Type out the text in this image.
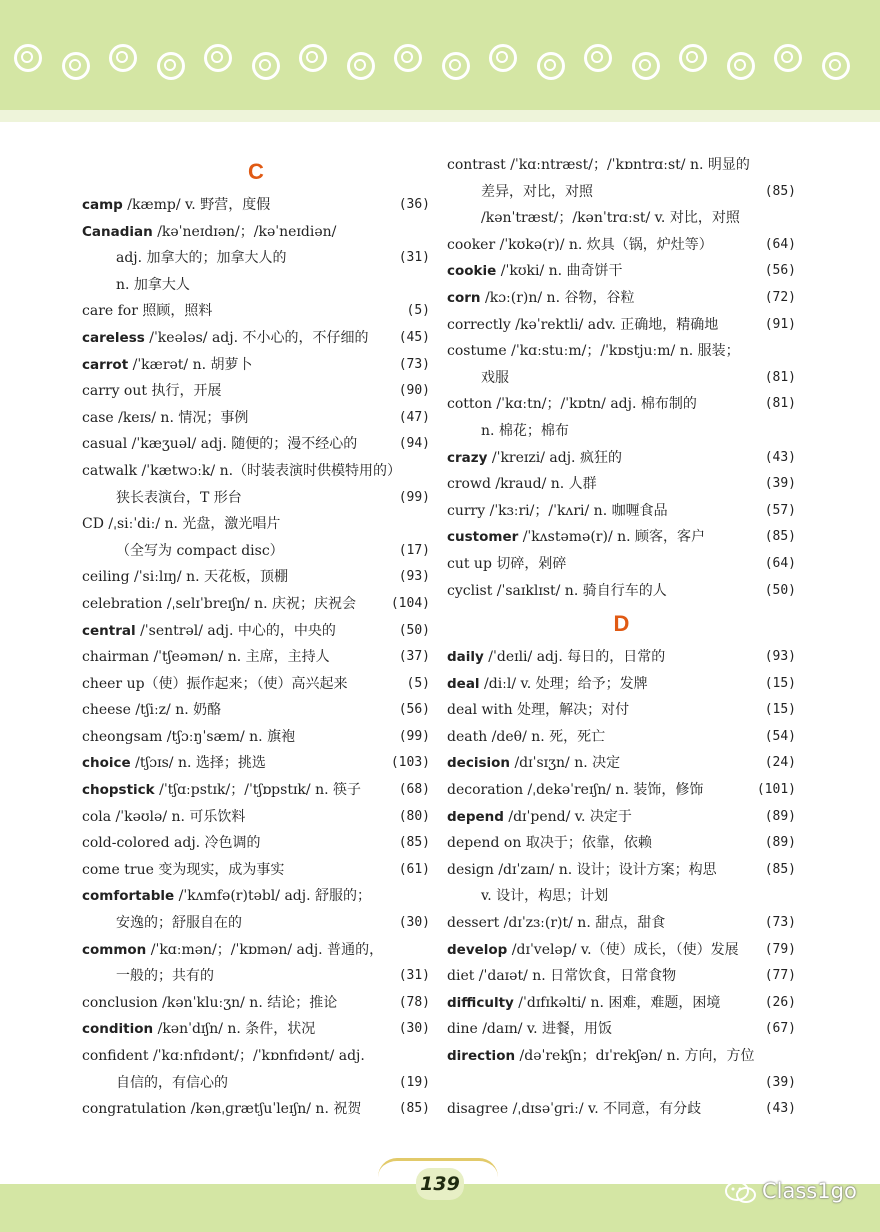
C
camp /kæmp/ v. 野营，度假	(36)
Canadian /kəˈneɪdɪən/；/kəˈneɪdiən/
adj. 加拿大的；加拿大人的	(31)
n. 加拿大人
care for 照顾，照料	(5)
careless /ˈkeələs/ adj. 不小心的，不仔细的 (45)
carrot /ˈkærət/ n. 胡萝卜	(73)
carry out 执行，开展	(90)
case /keɪs/ n. 情况；事例	(47)
casual /ˈkæʒuəl/ adj. 随便的；漫不经心的	(94)
catwalk /ˈkætwɔːk/ n.（时装表演时供模特用的）
狭长表演台，T 形台	(99)
CD /ˌsiːˈdiː/ n. 光盘，激光唱片
（全写为 compact disc）	(17)
ceiling /ˈsiːlɪŋ/ n. 天花板，顶棚	(93)
celebration /ˌselɪˈbreɪʃn/ n. 庆祝；庆祝会	(104)
central /ˈsentrəl/ adj. 中心的，中央的	(50)
chairman /ˈtʃeəmən/ n. 主席，主持人	(37)
cheer up（使）振作起来；（使）高兴起来	(5)
cheese /tʃiːz/ n. 奶酪	(56)
cheongsam /tʃɔːŋˈsæm/ n. 旗袍	(99)
choice /tʃɔɪs/ n. 选择；挑选	(103)
chopstick /ˈtʃɑːpstɪk/；/ˈtʃɒpstɪk/ n. 筷子	(68)
cola /ˈkəʊlə/ n. 可乐饮料	(80)
cold-colored adj. 冷色调的	(85)
come true 变为现实，成为事实	(61)
comfortable /ˈkʌmfə(r)təbl/ adj. 舒服的；
安逸的；舒服自在的	(30)
common /ˈkɑːmən/；/ˈkɒmən/ adj. 普通的，
一般的；共有的	(31)
conclusion /kənˈkluːʒn/ n. 结论；推论	(78)
condition /kənˈdɪʃn/ n. 条件，状况	(30)
confident /ˈkɑːnfɪdənt/；/ˈkɒnfɪdənt/ adj.
自信的，有信心的	(19)
congratulation /kənˌɡrætʃuˈleɪʃn/ n. 祝贺	(85)
contrast /ˈkɑːntræst/；/ˈkɒntrɑːst/ n. 明显的
差异，对比，对照	(85)
/kənˈtræst/；/kənˈtrɑːst/ v. 对比，对照
cooker /ˈkʊkə(r)/ n. 炊具（锅，炉灶等）	(64)
cookie /ˈkʊki/ n. 曲奇饼干	(56)
corn /kɔː(r)n/ n. 谷物，谷粒	(72)
correctly /kəˈrektli/ adv. 正确地，精确地	(91)
costume /ˈkɑːstuːm/；/ˈkɒstjuːm/ n. 服装；
戏服	(81)
cotton /ˈkɑːtn/；/ˈkɒtn/ adj. 棉布制的	(81)
n. 棉花；棉布
crazy /ˈkreɪzi/ adj. 疯狂的	(43)
crowd /kraud/ n. 人群	(39)
curry /ˈkɜːri/；/ˈkʌri/ n. 咖喱食品	(57)
customer /ˈkʌstəmə(r)/ n. 顾客，客户	(85)
cut up 切碎，剁碎	(64)
cyclist /ˈsaɪklɪst/ n. 骑自行车的人	(50)
D
daily /ˈdeɪli/ adj. 每日的，日常的	(93)
deal /diːl/ v. 处理；给予；发牌	(15)
deal with 处理，解决；对付	(15)
death /deθ/ n. 死，死亡	(54)
decision /dɪˈsɪʒn/ n. 决定	(24)
decoration /ˌdekəˈreɪʃn/ n. 装饰，修饰	(101)
depend /dɪˈpend/ v. 决定于	(89)
depend on 取决于；依靠，依赖	(89)
design /dɪˈzaɪn/ n. 设计；设计方案；构思	(85)
v. 设计，构思；计划
dessert /dɪˈzɜː(r)t/ n. 甜点，甜食	(73)
develop /dɪˈveləp/ v.（使）成长，（使）发展 (79)
diet /ˈdaɪət/ n. 日常饮食，日常食物	(77)
difficulty /ˈdɪfɪkəlti/ n. 困难，难题，困境	(26)
dine /daɪn/ v. 进餐，用饭	(67)
direction /dəˈrekʃn；dɪˈrekʃən/ n. 方向，方位
(39)
disagree /ˌdɪsəˈɡriː/ v. 不同意，有分歧	(43)
139	Class1go
